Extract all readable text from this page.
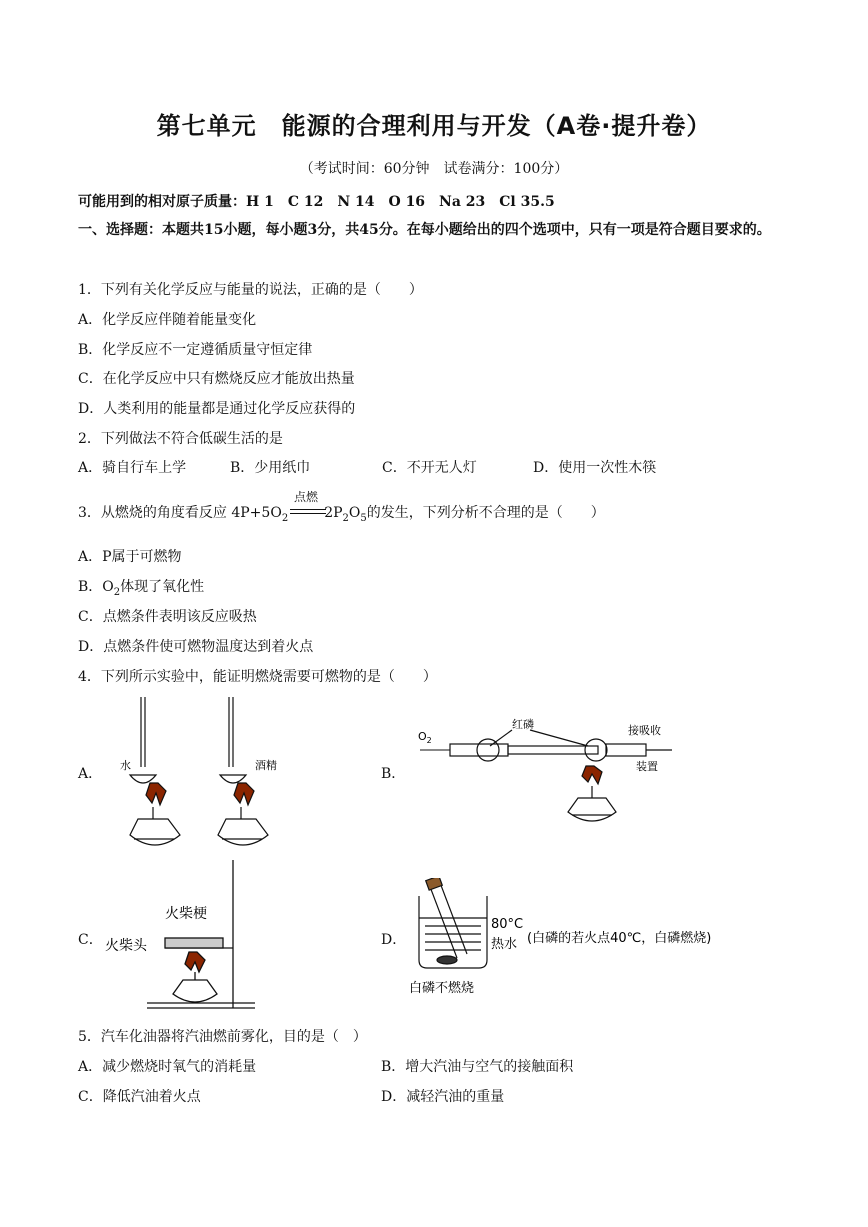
第七单元　能源的合理利用与开发（A卷·提升卷）
（考试时间：60分钟　试卷满分：100分）
可能用到的相对原子质量：H 1　C 12　N 14　O 16　Na 23　Cl 35.5
一、选择题：本题共15小题，每小题3分，共45分。在每小题给出的四个选项中，只有一项是符合题目要求的。
1．下列有关化学反应与能量的说法，正确的是（　　）
A．化学反应伴随着能量变化
B．化学反应不一定遵循质量守恒定律
C．在化学反应中只有燃烧反应才能放出热量
D．人类利用的能量都是通过化学反应获得的
2．下列做法不符合低碳生活的是
A．骑自行车上学	B．少用纸巾	C．不开无人灯	D．使用一次性木筷
3．从燃烧的角度看反应 $4P+5O_2$	$2P_2O_5$的发生，下列分析不合理的是（　　）
点燃
A．P属于可燃物
B．$O_2$体现了氧化性
C．点燃条件表明该反应吸热
D．点燃条件使可燃物温度达到着火点
4．下列所示实验中，能证明燃烧需要可燃物的是（　　）
A．	B．
C．	D．
水	酒精
$O_2$
红磷	接吸收
装置
火柴梗
火柴头
80°C
热水 (白磷的若火点40℃，白磷燃烧)
白磷不燃烧
5．汽车化油器将汽油燃前雾化，目的是（　）
A．减少燃烧时氧气的消耗量	B．增大汽油与空气的接触面积
C．降低汽油着火点	D．减轻汽油的重量
